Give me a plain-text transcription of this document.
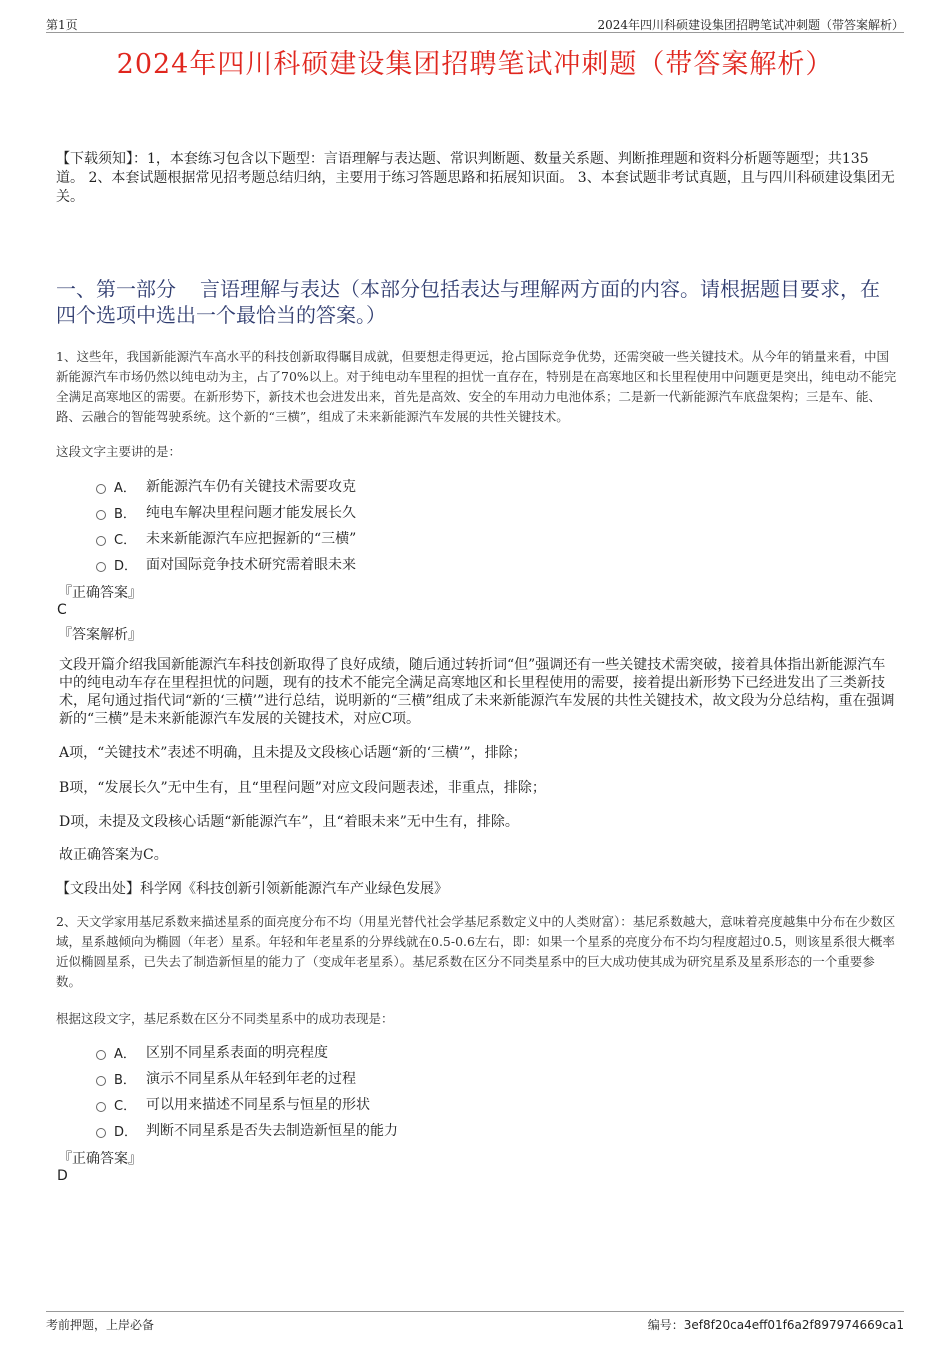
第1页	2024年四川科硕建设集团招聘笔试冲刺题（带答案解析）
2024年四川科硕建设集团招聘笔试冲刺题（带答案解析）
【下载须知】：1，本套练习包含以下题型：言语理解与表达题、常识判断题、数量关系题、判断推理题和资料分析题等题型；共135道。 2、本套试题根据常见招考题总结归纳，主要用于练习答题思路和拓展知识面。 3、本套试题非考试真题，且与四川科硕建设集团无关。
一、第一部分 言语理解与表达（本部分包括表达与理解两方面的内容。请根据题目要求，在四个选项中选出一个最恰当的答案。）
1、这些年，我国新能源汽车高水平的科技创新取得瞩目成就，但要想走得更远，抢占国际竞争优势，还需突破一些关键技术。从今年的销量来看，中国新能源汽车市场仍然以纯电动为主，占了70%以上。对于纯电动车里程的担忧一直存在，特别是在高寒地区和长里程使用中问题更是突出，纯电动不能完全满足高寒地区的需要。在新形势下，新技术也会进发出来，首先是高效、安全的车用动力电池体系；二是新一代新能源汽车底盘架构；三是车、能、路、云融合的智能驾驶系统。这个新的“三横”，组成了未来新能源汽车发展的共性关键技术。
这段文字主要讲的是：
A． 新能源汽车仍有关键技术需要攻克
B． 纯电车解决里程问题才能发展长久
C． 未来新能源汽车应把握新的“三横”
D． 面对国际竞争技术研究需着眼未来
『正确答案』
C
『答案解析』
文段开篇介绍我国新能源汽车科技创新取得了良好成绩，随后通过转折词“但”强调还有一些关键技术需突破，接着具体指出新能源汽车中的纯电动车存在里程担忧的问题，现有的技术不能完全满足高寒地区和长里程使用的需要，接着提出新形势下已经进发出了三类新技术，尾句通过指代词“新的‘三横’”进行总结，说明新的“三横”组成了未来新能源汽车发展的共性关键技术，故文段为分总结构，重在强调新的“三横”是未来新能源汽车发展的关键技术，对应C项。
A项，“关键技术”表述不明确，且未提及文段核心话题“新的‘三横’”，排除；
B项，“发展长久”无中生有，且“里程问题”对应文段问题表述，非重点，排除；
D项，未提及文段核心话题“新能源汽车”，且“着眼未来”无中生有，排除。
故正确答案为C。
【文段出处】科学网《科技创新引领新能源汽车产业绿色发展》
2、天文学家用基尼系数来描述星系的面亮度分布不均（用星光替代社会学基尼系数定义中的人类财富）：基尼系数越大，意味着亮度越集中分布在少数区域，星系越倾向为椭圆（年老）星系。年轻和年老星系的分界线就在0.5-0.6左右，即：如果一个星系的亮度分布不均匀程度超过0.5，则该星系很大概率近似椭圆星系，已失去了制造新恒星的能力了（变成年老星系）。基尼系数在区分不同类星系中的巨大成功使其成为研究星系及星系形态的一个重要参数。
根据这段文字，基尼系数在区分不同类星系中的成功表现是：
A． 区别不同星系表面的明亮程度
B． 演示不同星系从年轻到年老的过程
C． 可以用来描述不同星系与恒星的形状
D． 判断不同星系是否失去制造新恒星的能力
『正确答案』
D
考前押题，上岸必备	编号：3ef8f20ca4eff01f6a2f897974669ca1
